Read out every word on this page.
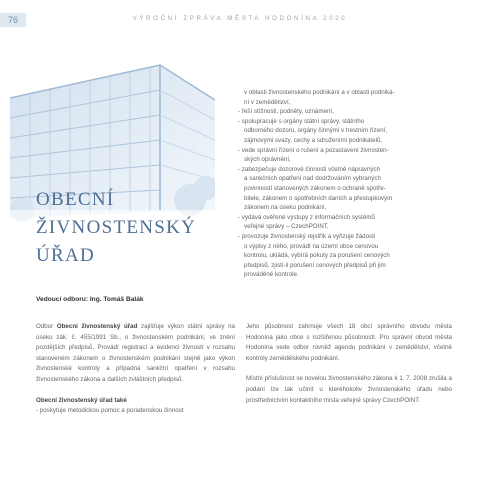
76	VÝROČNÍ ZPRÁVA MĚSTA HODONÍNA 2020
v oblasti živnostenského podnikání a v oblasti podniká-
ní v zemědělství,
- řeší stížnosti, podněty, oznámení,
- spolupracuje s orgány státní správy, státního
odborného dozoru, orgány činnými v trestním řízení,
zájmovými svazy, cechy a sdruženími podnikatelů,
- vede správní řízení o rušení a pozastavení živnosten-
ských oprávnění,
- zabezpečuje dozorové činnosti včetně nápravných
a sankčních opatření nad dodržováním vybraných
povinností stanovených zákonem o ochraně spotře-
bitele, zákonem o spotřebních daních a přestupkovým
zákonem na úseku podnikání,
- vydává ověřené výstupy z informačních systémů
veřejné správy – CzechPOINT,
- provozuje živnostenský rejstřík a vyřizuje žádosti
o výpisy z něho, provádí na území obce cenovou
kontrolu, ukládá, vybírá pokuty za porušení cenových
předpisů, zjistí-li porušení cenových předpisů při jim
prováděné kontrole.
OBECNÍ
ŽIVNOSTENSKÝ
ÚŘAD
Vedoucí odboru: Ing. Tomáš Balák

Odbor Obecní živnostenský úřad zajišťuje výkon státní správy na úseku zák. č. 455/1991 Sb., o živnostenském podnikání, ve znění pozdějších předpisů. Provádí registraci a evidenci živností v rozsahu stanoveném zákonem o živnostenském podnikání stejně jako výkon živnostenské kontroly a případná sankční opatření v rozsahu živnostenského zákona a dalších zvláštních předpisů.

Obecní živnostenský úřad také

- poskytuje metodickou pomoc a poradenskou činnost

Jeho působnost zahrnuje všech 18 obcí správního obvodu města Hodonína jako obce s rozšířenou působností. Pro správní obvod města Hodonína vede odbor rovněž agendu podnikání v zemědělství, včetně kontroly zemědělského podnikání.

Místní příslušnost se novelou živnostenského zákona k 1. 7. 2008 zrušila a podání lze tak učinit u kteréhokoliv živnostenského úřadu nebo prostřednictvím kontaktního místa veřejné správy CzechPOINT.
